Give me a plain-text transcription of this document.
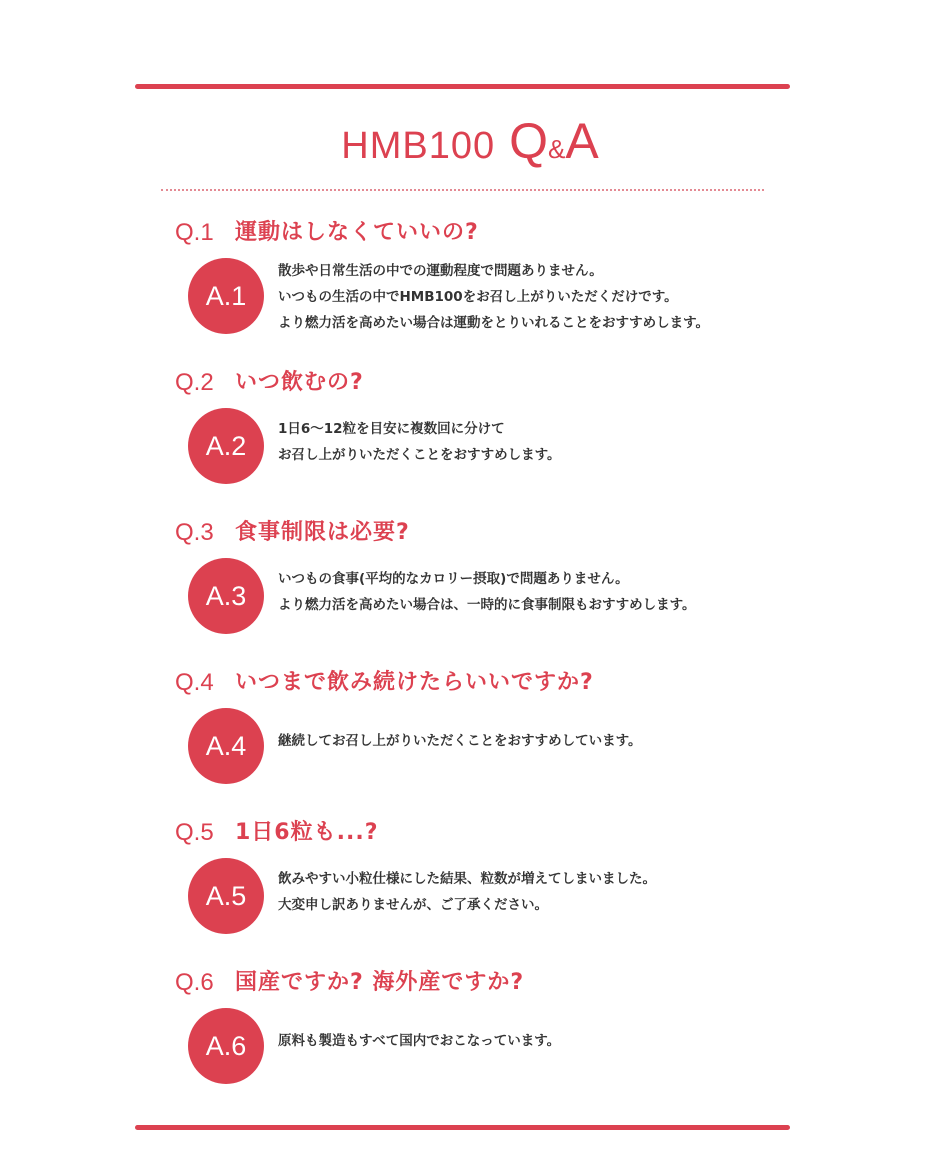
HMB100 Q&A
Q.1 運動はしなくていいの?
A.1
散歩や日常生活の中での運動程度で問題ありません。
いつもの生活の中でHMB100をお召し上がりいただくだけです。
より燃力活を高めたい場合は運動をとりいれることをおすすめします。
Q.2 いつ飲むの?
A.2
1日6〜12粒を目安に複数回に分けて
お召し上がりいただくことをおすすめします。
Q.3 食事制限は必要?
A.3
いつもの食事(平均的なカロリー摂取)で問題ありません。
より燃力活を高めたい場合は、一時的に食事制限もおすすめします。
Q.4 いつまで飲み続けたらいいですか?
A.4	継続してお召し上がりいただくことをおすすめしています。
Q.5 1日6粒も...?
A.5
飲みやすい小粒仕様にした結果、粒数が増えてしまいました。
大変申し訳ありませんが、ご了承ください。
Q.6 国産ですか? 海外産ですか?
A.6	原料も製造もすべて国内でおこなっています。
